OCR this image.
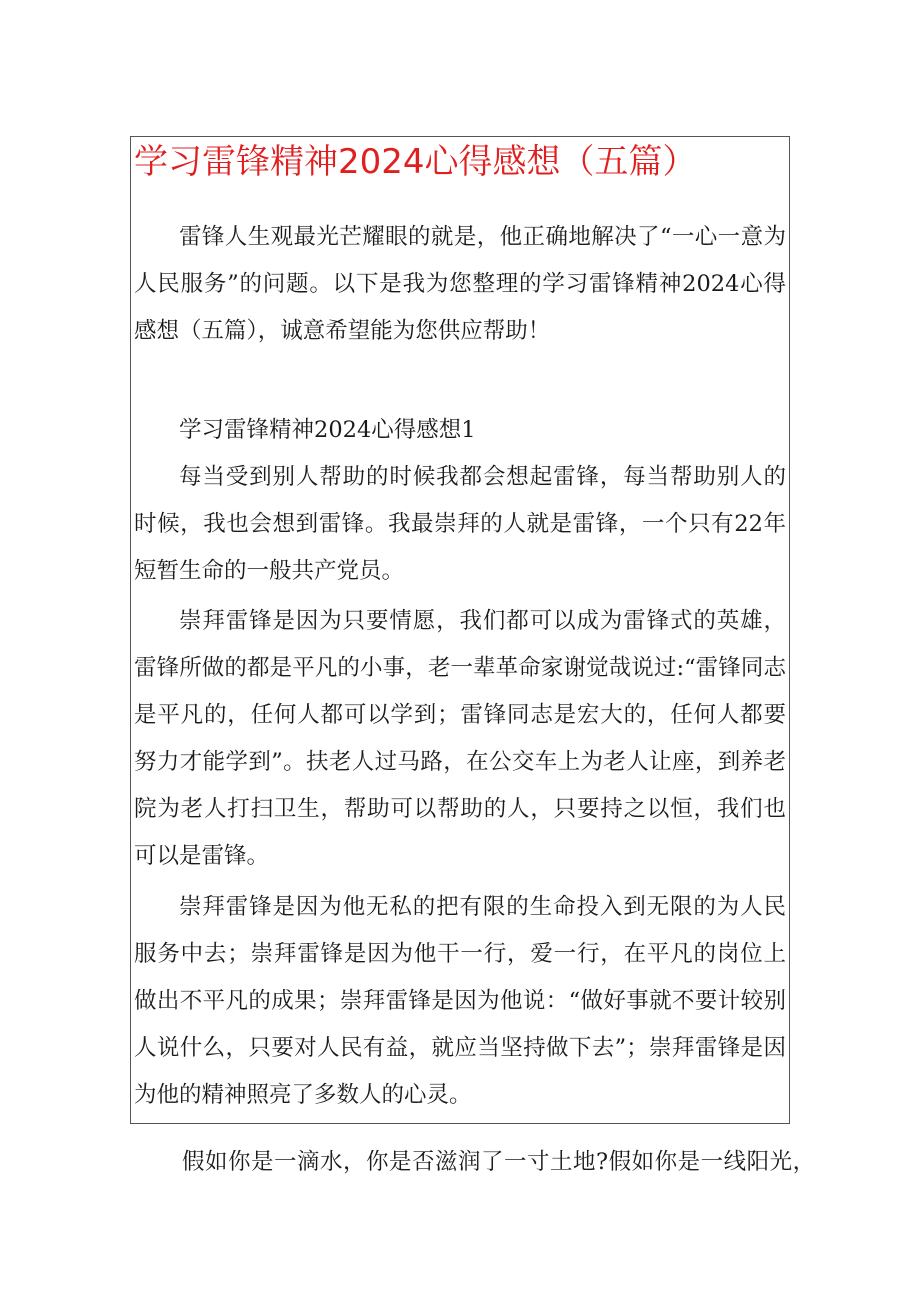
学习雷锋精神2024心得感想（五篇）

雷锋人生观最光芒耀眼的就是，他正确地解决了“一心一意为人民服务”的问题。以下是我为您整理的学习雷锋精神2024心得感想（五篇），诚意希望能为您供应帮助！

学习雷锋精神2024心得感想1

每当受到别人帮助的时候我都会想起雷锋，每当帮助别人的时候，我也会想到雷锋。我最崇拜的人就是雷锋，一个只有22年短暂生命的一般共产党员。

崇拜雷锋是因为只要情愿，我们都可以成为雷锋式的英雄，雷锋所做的都是平凡的小事，老一辈革命家谢觉哉说过:“雷锋同志是平凡的，任何人都可以学到；雷锋同志是宏大的，任何人都要努力才能学到”。扶老人过马路，在公交车上为老人让座，到养老院为老人打扫卫生，帮助可以帮助的人，只要持之以恒，我们也可以是雷锋。

崇拜雷锋是因为他无私的把有限的生命投入到无限的为人民服务中去；崇拜雷锋是因为他干一行，爱一行，在平凡的岗位上做出不平凡的成果；崇拜雷锋是因为他说：“做好事就不要计较别人说什么，只要对人民有益，就应当坚持做下去”；崇拜雷锋是因为他的精神照亮了多数人的心灵。

假如你是一滴水，你是否滋润了一寸土地?假如你是一线阳光，
